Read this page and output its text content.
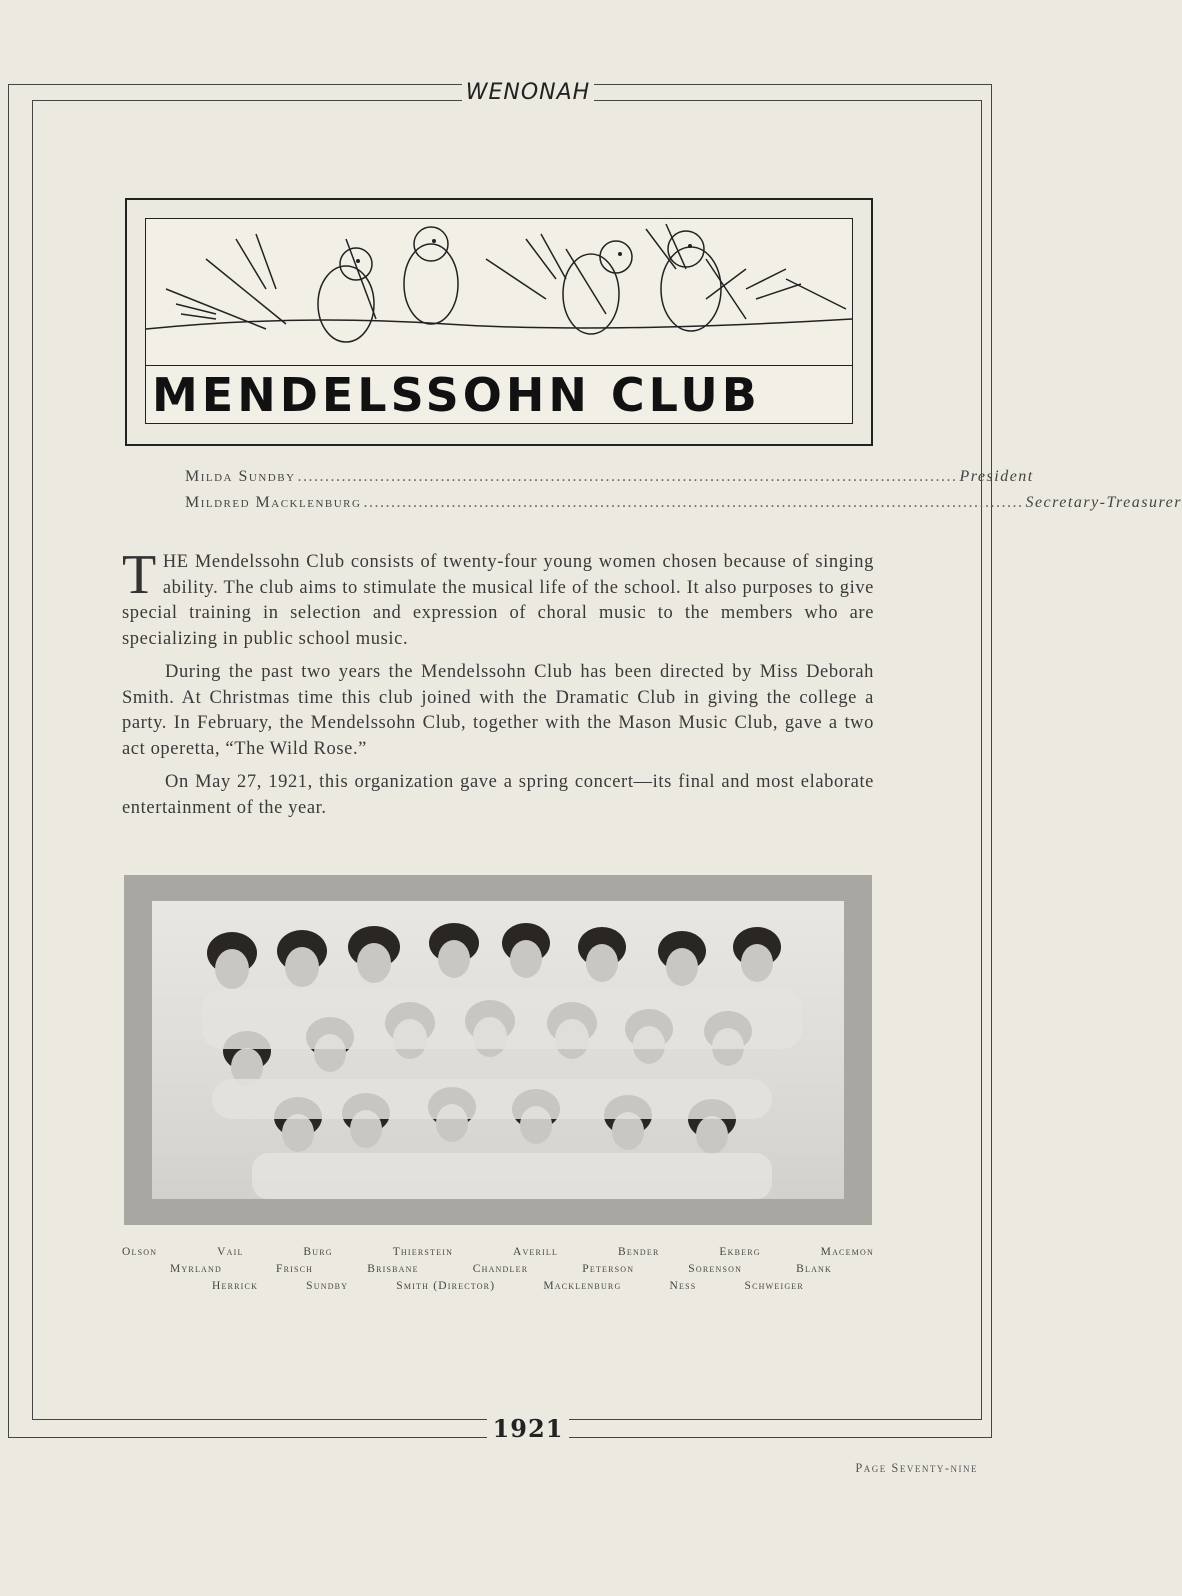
WENONAH
MENDELSSOHN CLUB
Milda Sundby ........................................................................................................................ President
Mildred Macklenburg ........................................................................................................................ Secretary-Treasurer

THE Mendelssohn Club consists of twenty-four young women chosen because of singing ability. The club aims to stimulate the musical life of the school. It also purposes to give special training in selection and expression of choral music to the members who are specializing in public school music.

During the past two years the Mendelssohn Club has been directed by Miss Deborah Smith. At Christmas time this club joined with the Dramatic Club in giving the college a party. In February, the Mendelssohn Club, together with the Mason Music Club, gave a two act operetta, “The Wild Rose.”

On May 27, 1921, this organization gave a spring concert—its final and most elaborate entertainment of the year.

Olson	Vail	Burg	Thierstein	Averill	Bender	Ekberg	Macemon
Myrland	Frisch	Brisbane	Chandler	Peterson	Sorenson	Blank
Herrick	Sundby	Smith (Director)	Macklenburg	Ness	Schweiger
1921
Page Seventy-nine
